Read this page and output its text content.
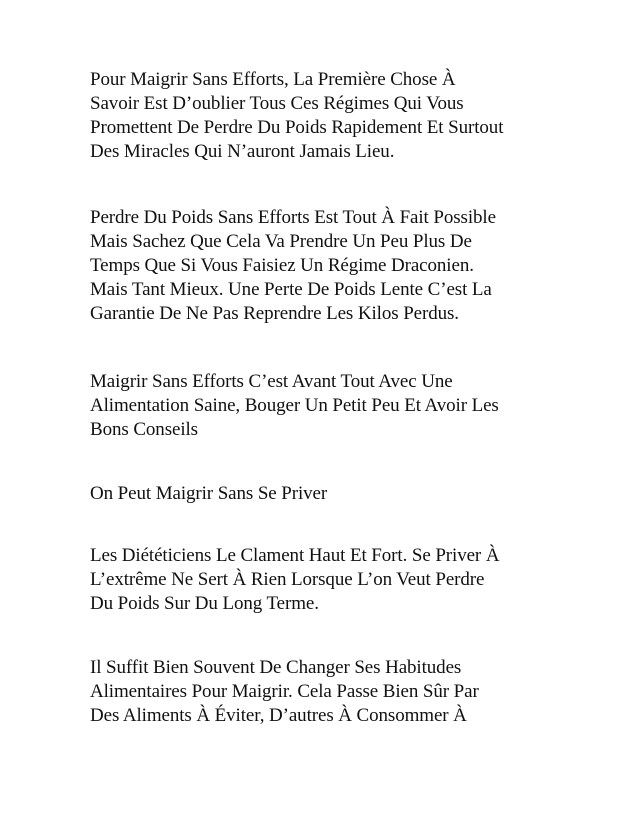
Pour Maigrir Sans Efforts, La Première Chose À
Savoir Est D’oublier Tous Ces Régimes Qui Vous
Promettent De Perdre Du Poids Rapidement Et Surtout
Des Miracles Qui N’auront Jamais Lieu.

Perdre Du Poids Sans Efforts Est Tout À Fait Possible
Mais Sachez Que Cela Va Prendre Un Peu Plus De
Temps Que Si Vous Faisiez Un Régime Draconien.
Mais Tant Mieux. Une Perte De Poids Lente C’est La
Garantie De Ne Pas Reprendre Les Kilos Perdus.

Maigrir Sans Efforts C’est Avant Tout Avec Une
Alimentation Saine, Bouger Un Petit Peu Et Avoir Les
Bons Conseils

On Peut Maigrir Sans Se Priver

Les Diététiciens Le Clament Haut Et Fort. Se Priver À
L’extrême Ne Sert À Rien Lorsque L’on Veut Perdre
Du Poids Sur Du Long Terme.

Il Suffit Bien Souvent De Changer Ses Habitudes
Alimentaires Pour Maigrir. Cela Passe Bien Sûr Par
Des Aliments À Éviter, D’autres À Consommer À
